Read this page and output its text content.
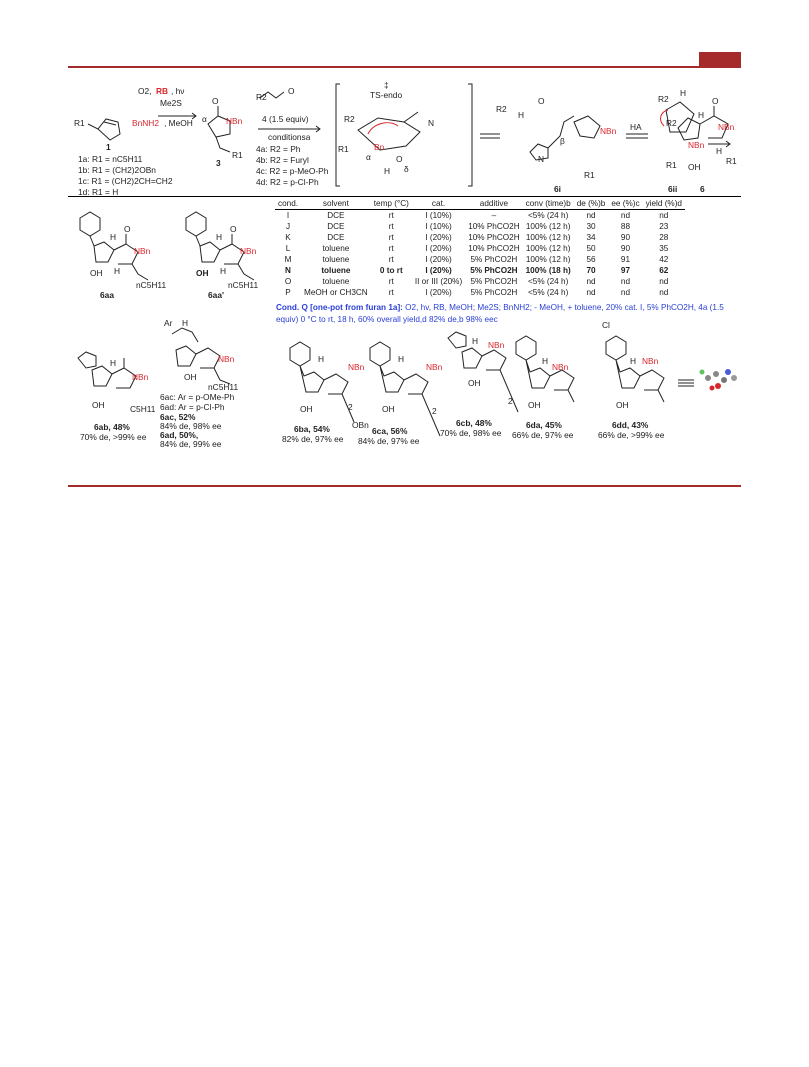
R1
1
O2, RB , hν
Me2S
BnNH2 , MeOH
1a: R1 = nC5H11
1b: R1 = (CH2)2OBn
1c: R1 = (CH2)2CH=CH2
1d: R1 = H
O
NBn
α
R1
3
R2
O
4 (1.5 equiv)
conditionsa
4a: R2 = Ph
4b: R2 = Furyl
4c: R2 = p-MeO-Ph
4d: R2 = p-Cl-Ph
‡
TS-endo
R2
R1	Bn
H
O
N
α
δ
R2
H
O
NBn
N
β
R1
6i
HA
R2
H
NBn
R1
6ii
O
R2
H
NBn
H
OH
R1
6
O
H
NBn
H
OH
nC5H11
6aa
O
H
NBn
H
OH
nC5H11
6aa'
cond.	solvent	temp (°C)	cat.	additive	conv (time)b	de (%)b	ee (%)c	yield (%)d
I	DCE	rt	I (10%)	–	<5% (24 h)	nd	nd	nd
J	DCE	rt	I (10%)	10% PhCO2H	100% (12 h)	30	88	23
K	DCE	rt	I (20%)	10% PhCO2H	100% (12 h)	34	90	28
L	toluene	rt	I (20%)	10% PhCO2H	100% (12 h)	50	90	35
M	toluene	rt	I (20%)	5% PhCO2H	100% (12 h)	56	91	42
N	toluene	0 to rt	I (20%)	5% PhCO2H	100% (18 h)	70	97	62
O	toluene	rt	II or III (20%)	5% PhCO2H	<5% (24 h)	nd	nd	nd
P	MeOH or CH3CN	rt	I (20%)	5% PhCO2H	<5% (24 h)	nd	nd	nd
Cond. Q [one-pot from furan 1a]: O2, hv, RB, MeOH; Me2S; BnNH2; - MeOH, + toluene, 20% cat. I, 5% PhCO2H, 4a (1.5 equiv) 0 °C to rt, 18 h, 60% overall yield,d 82% de,b 98% eec
NBn
H
OH	C5H11
6ab, 48%
70% de, >99% ee
Ar H
NBn
OH
nC5H11
6ac: Ar = p-OMe-Ph
6ad: Ar = p-Cl-Ph
6ac, 52%
84% de, 98% ee
6ad, 50%,
84% de, 99% ee
NBn
H
OH	2
OBn
6ba, 54%
82% de, 97% ee
NBn
H
OH	2
6ca, 56%
84% de, 97% ee
NBn
H
OH
2
6cb, 48%
70% de, 98% ee
NBn
H
OH
6da, 45%
66% de, 97% ee
NBn
H
OH
Cl
6dd, 43%
66% de, >99% ee
